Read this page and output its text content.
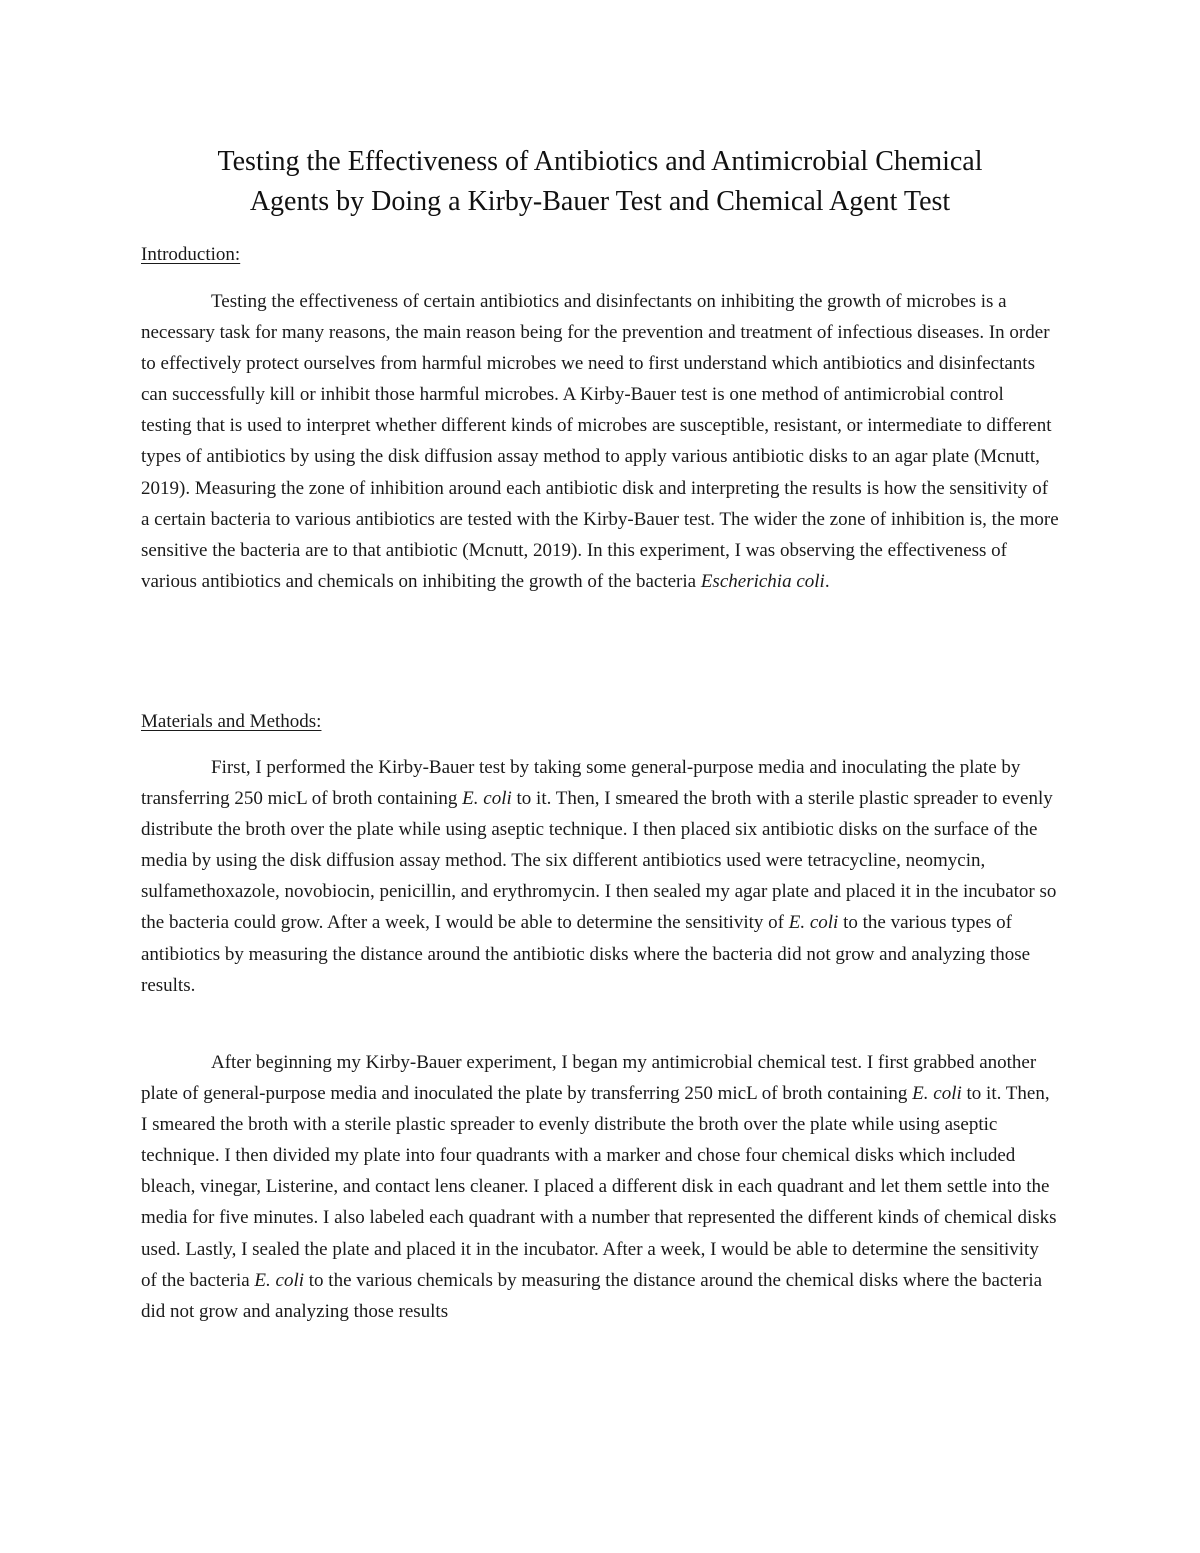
Testing the Effectiveness of Antibiotics and Antimicrobial Chemical
Agents by Doing a Kirby-Bauer Test and Chemical Agent Test
Introduction:

Testing the effectiveness of certain antibiotics and disinfectants on inhibiting the growth of microbes is a necessary task for many reasons, the main reason being for the prevention and treatment of infectious diseases. In order to effectively protect ourselves from harmful microbes we need to first understand which antibiotics and disinfectants can successfully kill or inhibit those harmful microbes. A Kirby-Bauer test is one method of antimicrobial control testing that is used to interpret whether different kinds of microbes are susceptible, resistant, or intermediate to different types of antibiotics by using the disk diffusion assay method to apply various antibiotic disks to an agar plate (Mcnutt, 2019). Measuring the zone of inhibition around each antibiotic disk and interpreting the results is how the sensitivity of a certain bacteria to various antibiotics are tested with the Kirby-Bauer test. The wider the zone of inhibition is, the more sensitive the bacteria are to that antibiotic (Mcnutt, 2019). In this experiment, I was observing the effectiveness of various antibiotics and chemicals on inhibiting the growth of the bacteria Escherichia coli.

Materials and Methods:

First, I performed the Kirby-Bauer test by taking some general-purpose media and inoculating the plate by transferring 250 micL of broth containing E. coli to it. Then, I smeared the broth with a sterile plastic spreader to evenly distribute the broth over the plate while using aseptic technique. I then placed six antibiotic disks on the surface of the media by using the disk diffusion assay method. The six different antibiotics used were tetracycline, neomycin, sulfamethoxazole, novobiocin, penicillin, and erythromycin. I then sealed my agar plate and placed it in the incubator so the bacteria could grow. After a week, I would be able to determine the sensitivity of E. coli to the various types of antibiotics by measuring the distance around the antibiotic disks where the bacteria did not grow and analyzing those results.

After beginning my Kirby-Bauer experiment, I began my antimicrobial chemical test. I first grabbed another plate of general-purpose media and inoculated the plate by transferring 250 micL of broth containing E. coli to it. Then, I smeared the broth with a sterile plastic spreader to evenly distribute the broth over the plate while using aseptic technique. I then divided my plate into four quadrants with a marker and chose four chemical disks which included bleach, vinegar, Listerine, and contact lens cleaner. I placed a different disk in each quadrant and let them settle into the media for five minutes. I also labeled each quadrant with a number that represented the different kinds of chemical disks used. Lastly, I sealed the plate and placed it in the incubator. After a week, I would be able to determine the sensitivity of the bacteria E. coli to the various chemicals by measuring the distance around the chemical disks where the bacteria did not grow and analyzing those results
